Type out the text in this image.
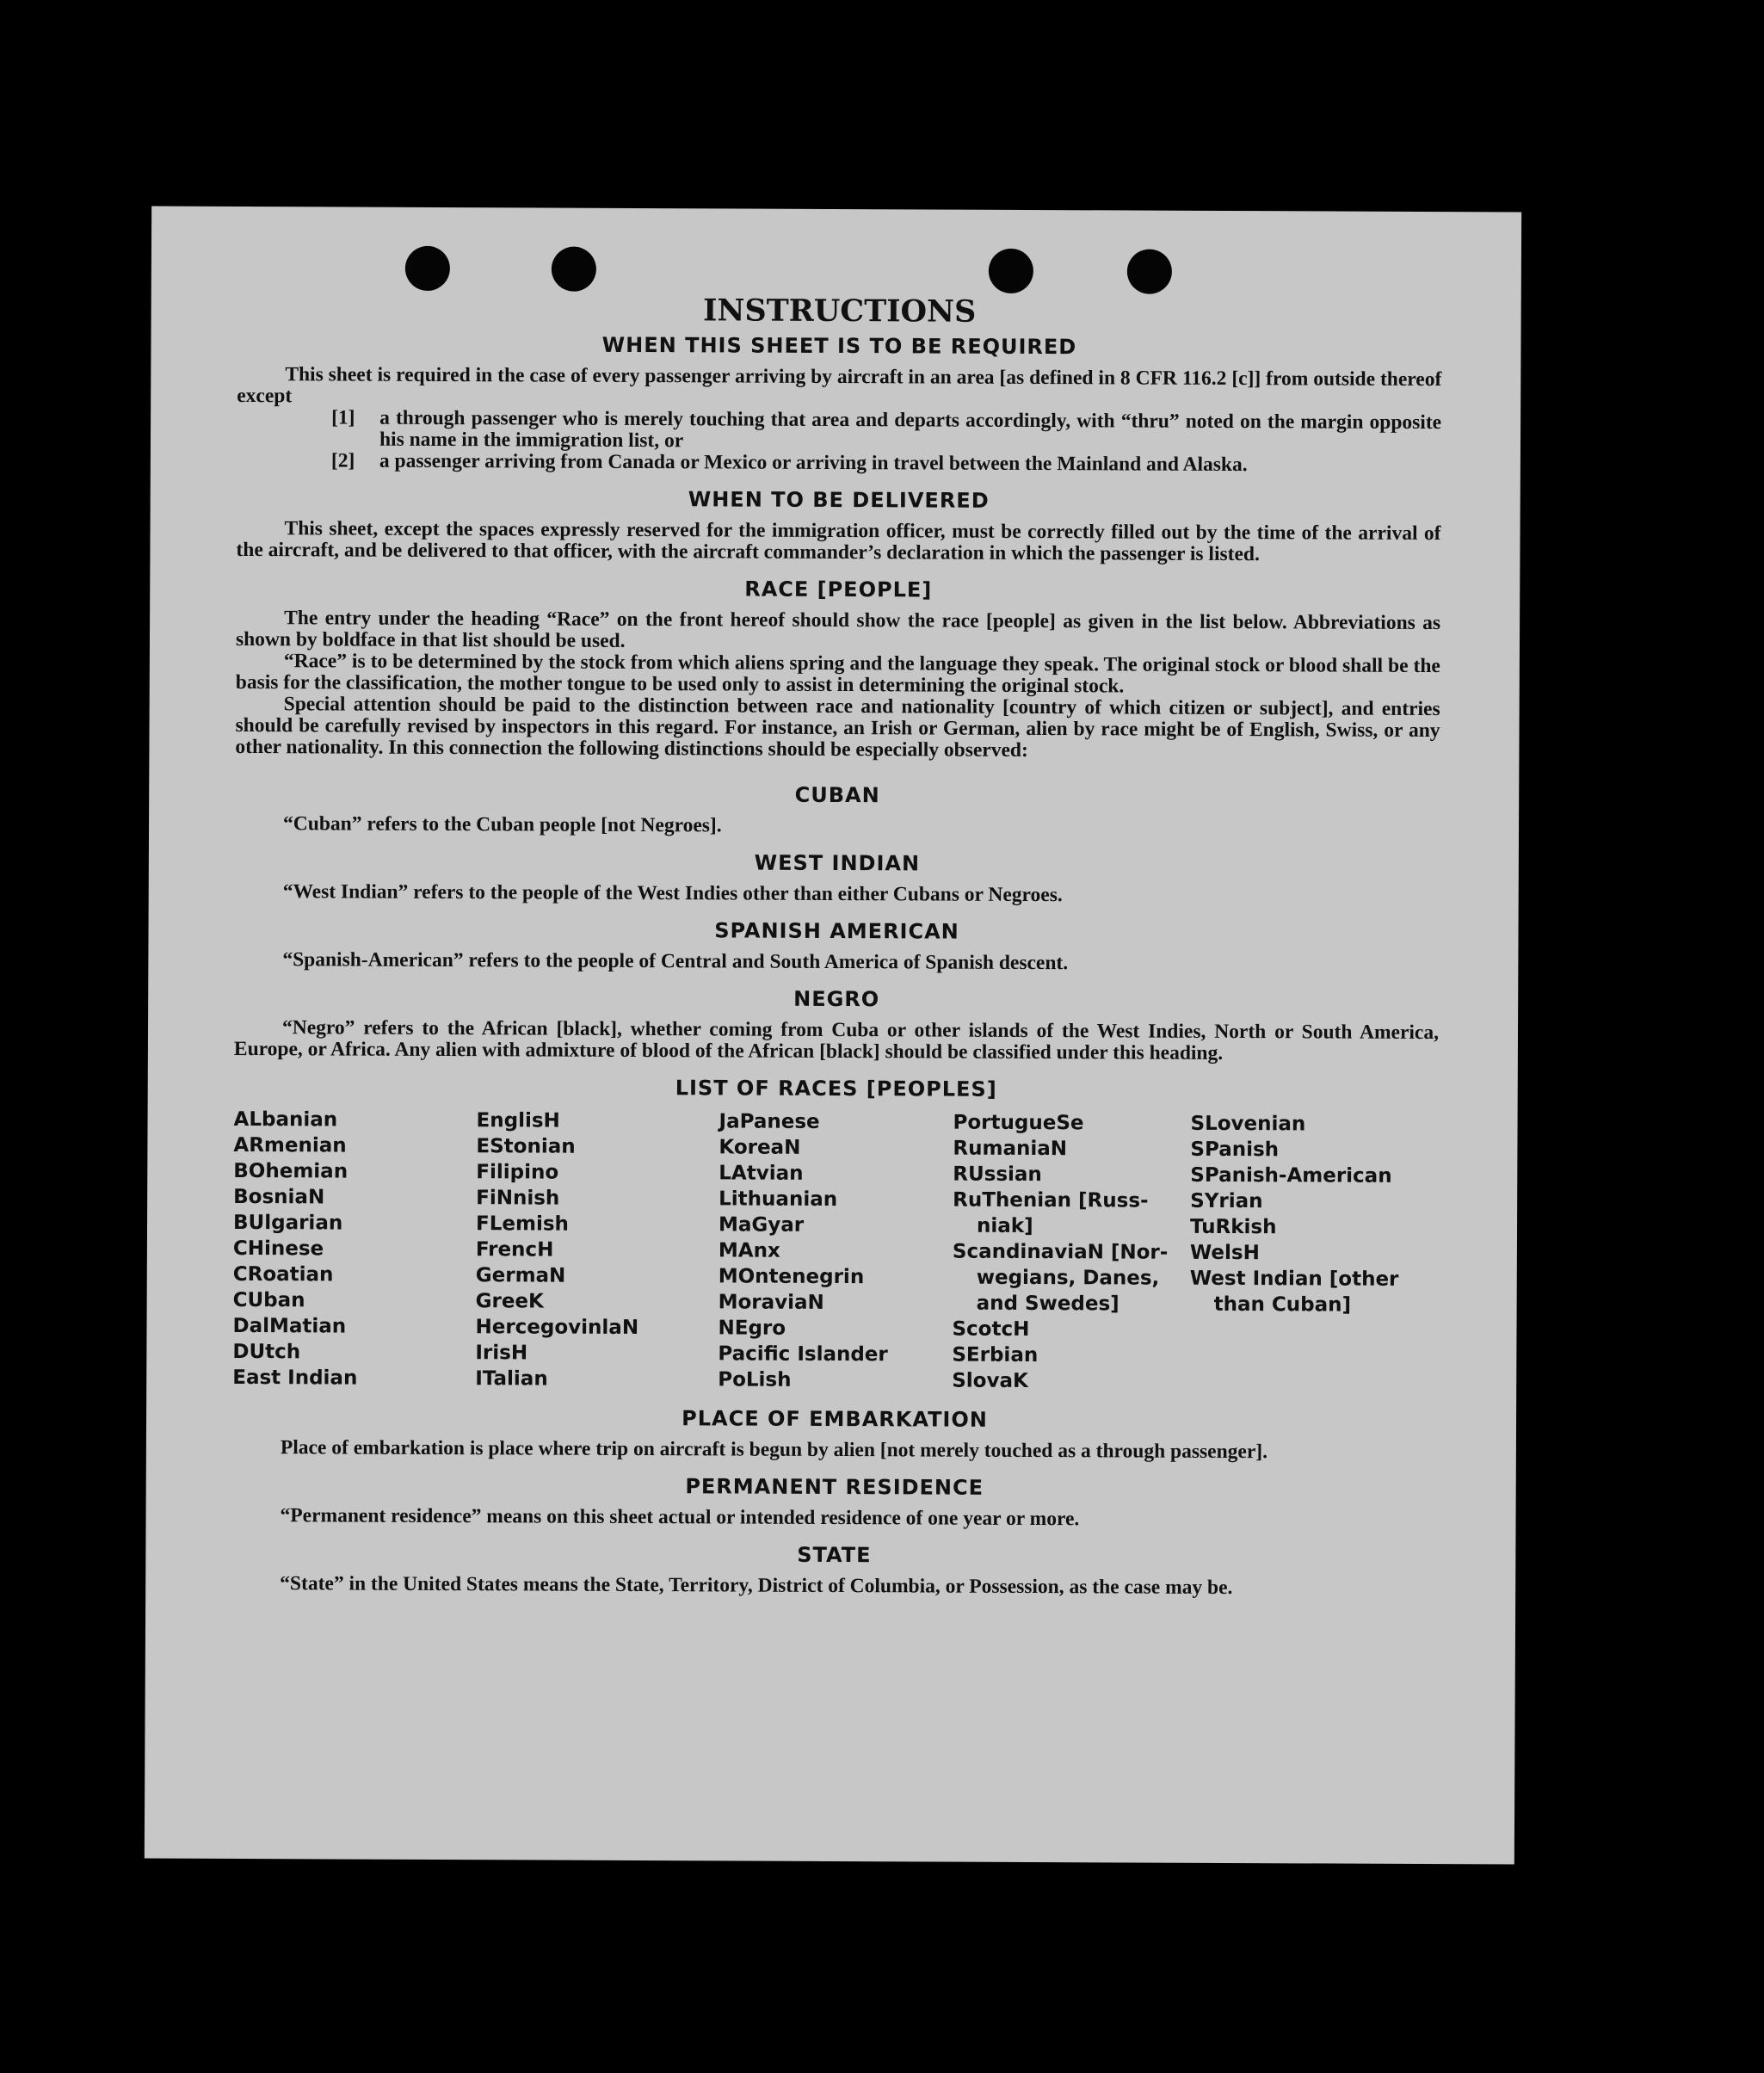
INSTRUCTIONS
WHEN THIS SHEET IS TO BE REQUIRED

This sheet is required in the case of every passenger arriving by aircraft in an area [as defined in 8 CFR 116.2 [c]] from outside thereof except

[1]	a through passenger who is merely touching that area and departs accordingly, with “thru” noted on the margin opposite his name in the immigration list, or
[2]	a passenger arriving from Canada or Mexico or arriving in travel between the Mainland and Alaska.
WHEN TO BE DELIVERED

This sheet, except the spaces expressly reserved for the immigration officer, must be correctly filled out by the time of the arrival of the aircraft, and be delivered to that officer, with the aircraft commander’s declaration in which the passenger is listed.

RACE [PEOPLE]

The entry under the heading “Race” on the front hereof should show the race [people] as given in the list below. Abbreviations as shown by boldface in that list should be used.

“Race” is to be determined by the stock from which aliens spring and the language they speak. The original stock or blood shall be the basis for the classification, the mother tongue to be used only to assist in determining the original stock.

Special attention should be paid to the distinction between race and nationality [country of which citizen or subject], and entries should be carefully revised by inspectors in this regard. For instance, an Irish or German, alien by race might be of English, Swiss, or any other nationality. In this connection the following distinctions should be especially observed:

CUBAN

“Cuban” refers to the Cuban people [not Negroes].

WEST INDIAN

“West Indian” refers to the people of the West Indies other than either Cubans or Negroes.

SPANISH AMERICAN

“Spanish-American” refers to the people of Central and South America of Spanish descent.

NEGRO

“Negro” refers to the African [black], whether coming from Cuba or other islands of the West Indies, North or South America, Europe, or Africa. Any alien with admixture of blood of the African [black] should be classified under this heading.

LIST OF RACES [PEOPLES]
ALbanian
ARmenian
BOhemian
BosniaN
BUlgarian
CHinese
CRoatian
CUban
DalMatian
DUtch
East Indian
EnglisH
EStonian
Filipino
FiNnish
FLemish
FrencH
GermaN
GreeK
HercegovinlaN
IrisH
ITalian
JaPanese
KoreaN
LAtvian
Lithuanian
MaGyar
MAnx
MOntenegrin
MoraviaN
NEgro
Pacific Islander
PoLish
PortugueSe
RumaniaN
RUssian
RuThenian [Russ-
niak]
ScandinaviaN [Nor-
wegians, Danes,
and Swedes]
ScotcH
SErbian
SlovaK
SLovenian
SPanish
SPanish-American
SYrian
TuRkish
WelsH
West Indian [other
than Cuban]
PLACE OF EMBARKATION

Place of embarkation is place where trip on aircraft is begun by alien [not merely touched as a through passenger].

PERMANENT RESIDENCE

“Permanent residence” means on this sheet actual or intended residence of one year or more.

STATE

“State” in the United States means the State, Territory, District of Columbia, or Possession, as the case may be.
